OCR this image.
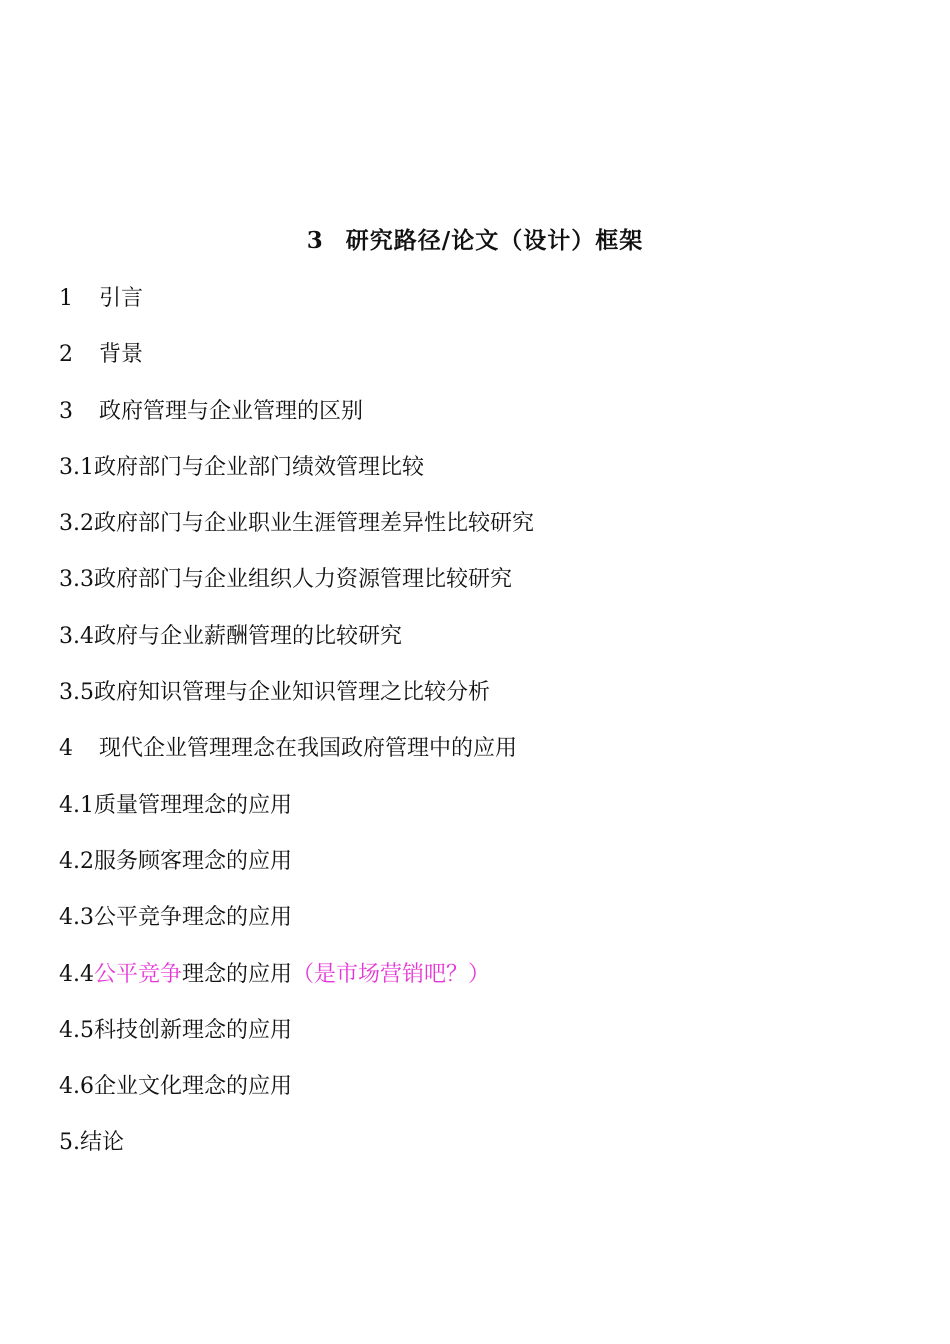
3 研究路径/论文（设计）框架
1 引言
2 背景
3 政府管理与企业管理的区别
3.1政府部门与企业部门绩效管理比较
3.2政府部门与企业职业生涯管理差异性比较研究
3.3政府部门与企业组织人力资源管理比较研究
3.4政府与企业薪酬管理的比较研究
3.5政府知识管理与企业知识管理之比较分析
4 现代企业管理理念在我国政府管理中的应用
4.1质量管理理念的应用
4.2服务顾客理念的应用
4.3公平竞争理念的应用
4.4公平竞争理念的应用（是市场营销吧？）
4.5科技创新理念的应用
4.6企业文化理念的应用
5.结论
